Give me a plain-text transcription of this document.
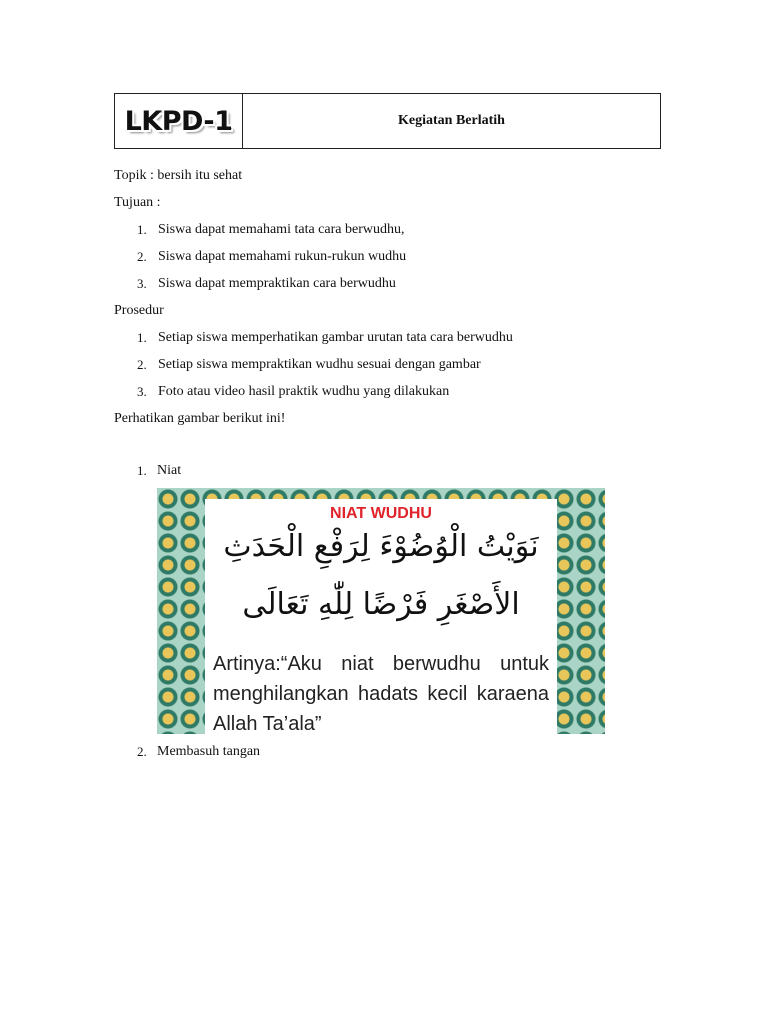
LKPD-1	Kegiatan Berlatih
Topik : bersih itu sehat
Tujuan :
1. Siswa dapat memahami tata cara berwudhu,
2. Siswa dapat memahami rukun-rukun wudhu
3. Siswa dapat mempraktikan cara berwudhu
Prosedur
1. Setiap siswa memperhatikan gambar urutan tata cara berwudhu
2. Setiap siswa mempraktikan wudhu sesuai dengan gambar
3. Foto atau video hasil praktik wudhu yang dilakukan
Perhatikan gambar berikut ini!
1. Niat
NIAT WUDHU
نَوَيْتُ الْوُضُوْءَ لِرَفْعِ الْحَدَثِ
الأَصْغَرِ فَرْضًا لِلّٰهِ تَعَالَى
Artinya:“Aku niat berwudhu untuk menghilangkan hadats kecil karaena Allah Ta’ala”
2. Membasuh tangan
